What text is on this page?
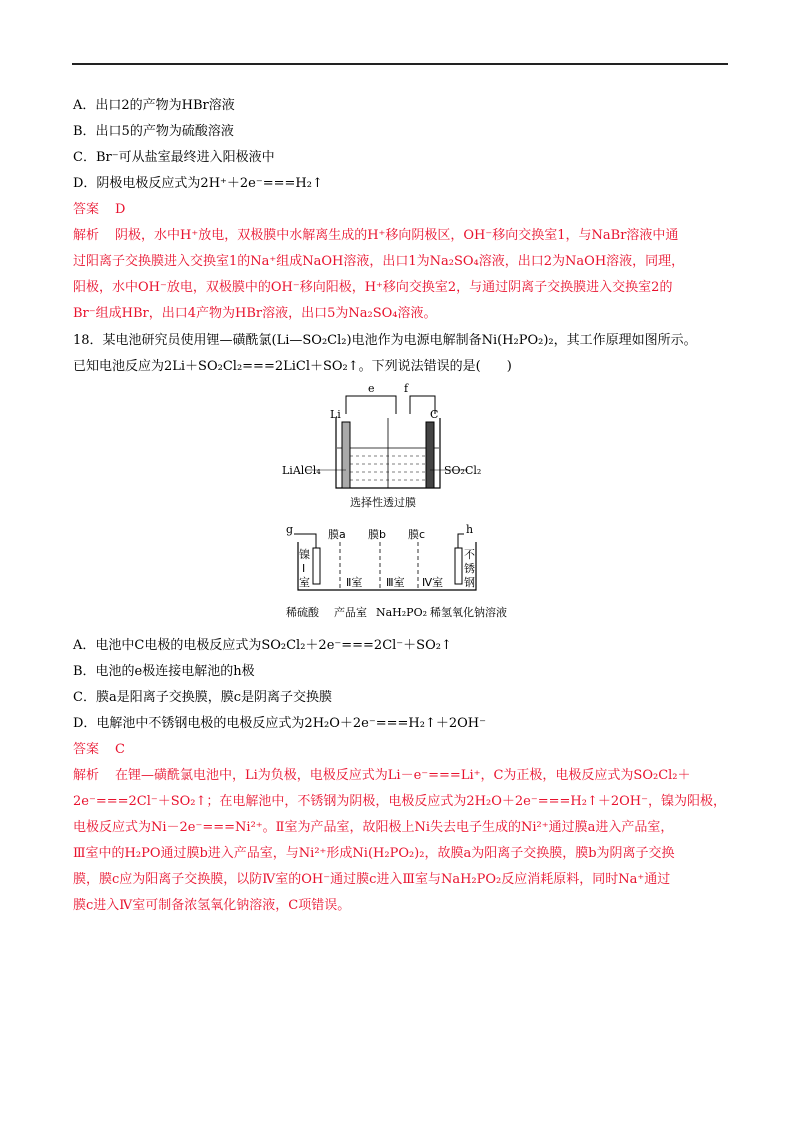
A．出口2的产物为HBr溶液
B．出口5的产物为硫酸溶液
C．Br⁻可从盐室最终进入阳极液中
D．阴极电极反应式为2H⁺＋2e⁻===H₂↑
答案 D
解析 阴极，水中H⁺放电，双极膜中水解离生成的H⁺移向阴极区，OH⁻移向交换室1，与NaBr溶液中通
过阳离子交换膜进入交换室1的Na⁺组成NaOH溶液，出口1为Na₂SO₄溶液，出口2为NaOH溶液，同理，
阳极，水中OH⁻放电，双极膜中的OH⁻移向阳极，H⁺移向交换室2，与通过阴离子交换膜进入交换室2的
Br⁻组成HBr，出口4产物为HBr溶液，出口5为Na₂SO₄溶液。
18．某电池研究员使用锂—磺酰氯(Li—SO₂Cl₂)电池作为电源电解制备Ni(H₂PO₂)₂，其工作原理如图所示。
已知电池反应为2Li＋SO₂Cl₂===2LiCl＋SO₂↑。下列说法错误的是(　　)
e	f
Li	C
LiAlCl₄	SO₂Cl₂
选择性透过膜
g	h
膜a 膜b 膜c
镍
Ⅰ
室
不
锈
钢
Ⅱ室 Ⅲ室 Ⅳ室
稀硫酸 产品室 NaH₂PO₂ 稀氢氧化钠溶液
A．电池中C电极的电极反应式为SO₂Cl₂＋2e⁻===2Cl⁻＋SO₂↑
B．电池的e极连接电解池的h极
C．膜a是阳离子交换膜，膜c是阴离子交换膜
D．电解池中不锈钢电极的电极反应式为2H₂O＋2e⁻===H₂↑＋2OH⁻
答案 C
解析 在锂—磺酰氯电池中，Li为负极，电极反应式为Li－e⁻===Li⁺，C为正极，电极反应式为SO₂Cl₂＋
2e⁻===2Cl⁻＋SO₂↑；在电解池中，不锈钢为阴极，电极反应式为2H₂O＋2e⁻===H₂↑＋2OH⁻，镍为阳极，
电极反应式为Ni－2e⁻===Ni²⁺。Ⅱ室为产品室，故阳极上Ni失去电子生成的Ni²⁺通过膜a进入产品室，
Ⅲ室中的H₂PO通过膜b进入产品室，与Ni²⁺形成Ni(H₂PO₂)₂，故膜a为阳离子交换膜，膜b为阴离子交换
膜，膜c应为阳离子交换膜，以防Ⅳ室的OH⁻通过膜c进入Ⅲ室与NaH₂PO₂反应消耗原料，同时Na⁺通过
膜c进入Ⅳ室可制备浓氢氧化钠溶液，C项错误。
